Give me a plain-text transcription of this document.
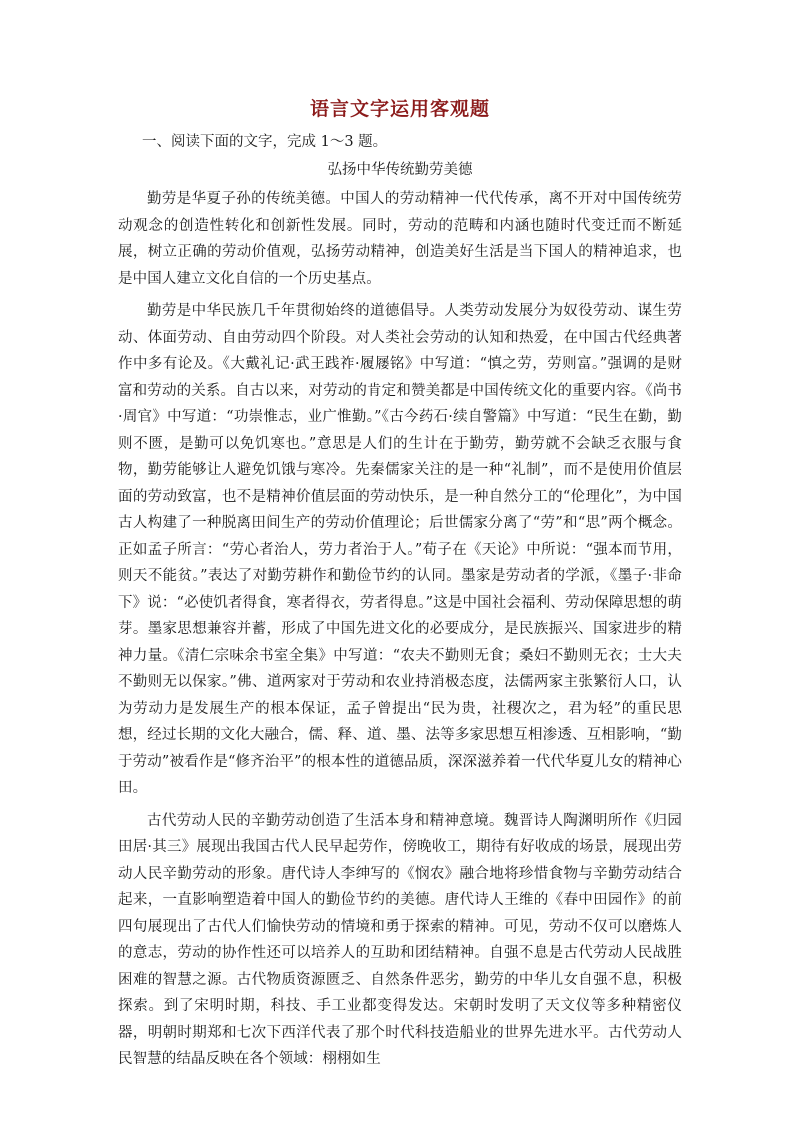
语言文字运用客观题

一、阅读下面的文字，完成 1～3 题。

弘扬中华传统勤劳美德

勤劳是华夏子孙的传统美德。中国人的劳动精神一代代传承，离不开对中国传统劳动观念的创造性转化和创新性发展。同时，劳动的范畴和内涵也随时代变迁而不断延展，树立正确的劳动价值观，弘扬劳动精神，创造美好生活是当下国人的精神追求，也是中国人建立文化自信的一个历史基点。

勤劳是中华民族几千年贯彻始终的道德倡导。人类劳动发展分为奴役劳动、谋生劳动、体面劳动、自由劳动四个阶段。对人类社会劳动的认知和热爱，在中国古代经典著作中多有论及。《大戴礼记·武王践祚·履屦铭》中写道：“慎之劳，劳则富。”强调的是财富和劳动的关系。自古以来，对劳动的肯定和赞美都是中国传统文化的重要内容。《尚书·周官》中写道：“功崇惟志，业广惟勤。”《古今药石·续自警篇》中写道：“民生在勤，勤则不匮，是勤可以免饥寒也。”意思是人们的生计在于勤劳，勤劳就不会缺乏衣服与食物，勤劳能够让人避免饥饿与寒冷。先秦儒家关注的是一种“礼制”，而不是使用价值层面的劳动致富，也不是精神价值层面的劳动快乐，是一种自然分工的“伦理化”，为中国古人构建了一种脱离田间生产的劳动价值理论；后世儒家分离了“劳”和“思”两个概念。正如孟子所言：“劳心者治人，劳力者治于人。”荀子在《天论》中所说：“强本而节用，则天不能贫。”表达了对勤劳耕作和勤俭节约的认同。墨家是劳动者的学派，《墨子·非命下》说：“必使饥者得食，寒者得衣，劳者得息。”这是中国社会福利、劳动保障思想的萌芽。墨家思想兼容并蓄，形成了中国先进文化的必要成分，是民族振兴、国家进步的精神力量。《清仁宗味余书室全集》中写道：“农夫不勤则无食；桑妇不勤则无衣；士大夫不勤则无以保家。”佛、道两家对于劳动和农业持消极态度，法儒两家主张繁衍人口，认为劳动力是发展生产的根本保证，孟子曾提出“民为贵，社稷次之，君为轻”的重民思想，经过长期的文化大融合，儒、释、道、墨、法等多家思想互相渗透、互相影响，“勤于劳动”被看作是“修齐治平”的根本性的道德品质，深深滋养着一代代华夏儿女的精神心田。

古代劳动人民的辛勤劳动创造了生活本身和精神意境。魏晋诗人陶渊明所作《归园田居·其三》展现出我国古代人民早起劳作，傍晚收工，期待有好收成的场景，展现出劳动人民辛勤劳动的形象。唐代诗人李绅写的《悯农》融合地将珍惜食物与辛勤劳动结合起来，一直影响塑造着中国人的勤俭节约的美德。唐代诗人王维的《春中田园作》的前四句展现出了古代人们愉快劳动的情境和勇于探索的精神。可见，劳动不仅可以磨炼人的意志，劳动的协作性还可以培养人的互助和团结精神。自强不息是古代劳动人民战胜困难的智慧之源。古代物质资源匮乏、自然条件恶劣，勤劳的中华儿女自强不息，积极探索。到了宋明时期，科技、手工业都变得发达。宋朝时发明了天文仪等多种精密仪器，明朝时期郑和七次下西洋代表了那个时代科技造船业的世界先进水平。古代劳动人民智慧的结晶反映在各个领域：栩栩如生
